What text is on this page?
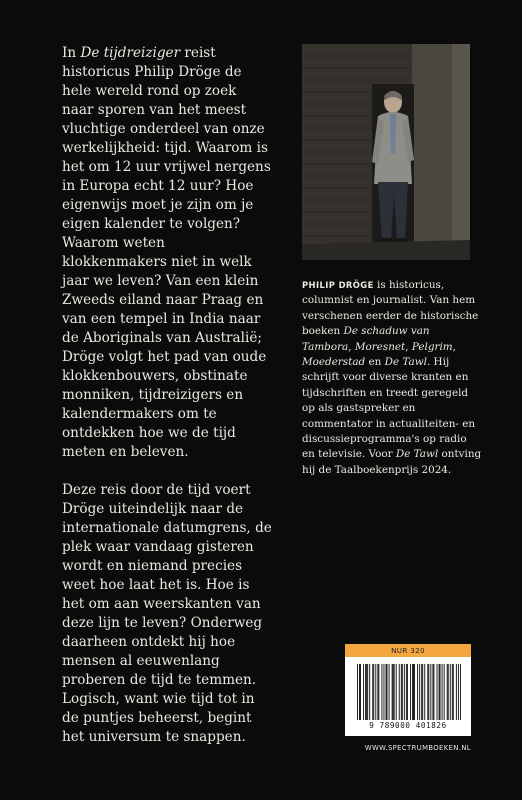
In De tijdreiziger reist historicus Philip Dröge de hele wereld rond op zoek naar sporen van het meest vluchtige onderdeel van onze werkelijkheid: tijd. Waarom is het om 12 uur vrijwel nergens in Europa echt 12 uur? Hoe eigenwijs moet je zijn om je eigen kalender te volgen? Waarom weten klokkenmakers niet in welk jaar we leven? Van een klein Zweeds eiland naar Praag en van een tempel in India naar de Aboriginals van Australië; Dröge volgt het pad van oude klokkenbouwers, obstinate monniken, tijdreizigers en kalendermakers om te ontdekken hoe we de tijd meten en beleven.

Deze reis door de tijd voert Dröge uiteindelijk naar de internationale datumgrens, de plek waar vandaag gisteren wordt en niemand precies weet hoe laat het is. Hoe is het om aan weerskanten van deze lijn te leven? Onderweg daarheen ontdekt hij hoe mensen al eeuwenlang proberen de tijd te temmen. Logisch, want wie tijd tot in de puntjes beheerst, begint het universum te snappen.

PHILIP DRÖGE is historicus, columnist en journalist. Van hem verschenen eerder de historische boeken De schaduw van Tambora, Moresnet, Pelgrim, Moederstad en De Tawl. Hij schrijft voor diverse kranten en tijdschriften en treedt geregeld op als gastspreker en commentator in actualiteiten- en discussieprogramma's op radio en televisie. Voor De Tawl ontving hij de Taalboekenprijs 2024.
NUR 320
9 789000 401826
WWW.SPECTRUMBOEKEN.NL
